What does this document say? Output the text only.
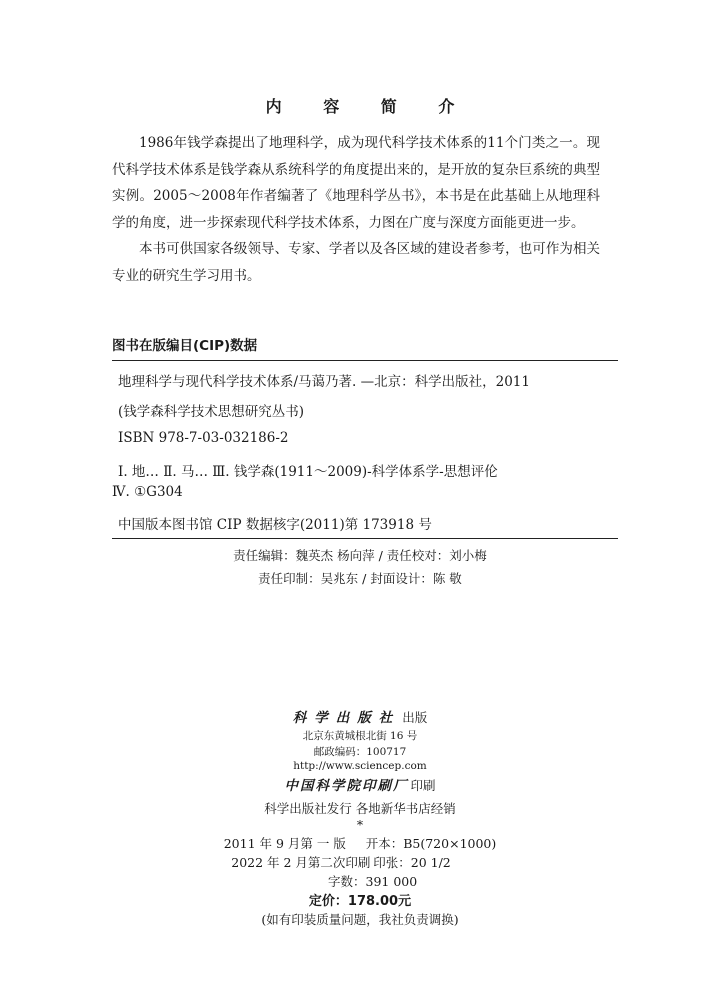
内 容 简 介

1986年钱学森提出了地理科学，成为现代科学技术体系的11个门类之一。现代科学技术体系是钱学森从系统科学的角度提出来的，是开放的复杂巨系统的典型实例。2005～2008年作者编著了《地理科学丛书》，本书是在此基础上从地理科学的角度，进一步探索现代科学技术体系，力图在广度与深度方面能更进一步。

本书可供国家各级领导、专家、学者以及各区域的建设者参考，也可作为相关专业的研究生学习用书。

图书在版编目(CIP)数据
地理科学与现代科学技术体系/马蔼乃著. —北京：科学出版社，2011
(钱学森科学技术思想研究丛书)
ISBN 978-7-03-032186-2
Ⅰ. 地… Ⅱ. 马… Ⅲ. 钱学森(1911～2009)-科学体系学-思想评伦
Ⅳ. ①G304
中国版本图书馆 CIP 数据核字(2011)第 173918 号
责任编辑：魏英杰 杨向萍 / 责任校对：刘小梅
责任印制：吴兆东 / 封面设计：陈 敬
科学出版社 出版
北京东黄城根北街 16 号
邮政编码：100717
http://www.sciencep.com
中国科学院印刷厂 印刷
科学出版社发行 各地新华书店经销
*
2011 年 9 月第 一 版 开本：B5(720×1000)
2022 年 2 月第二次印刷 印张：20 1/2
字数：391 000
定价：178.00元
(如有印装质量问题，我社负责调换)
